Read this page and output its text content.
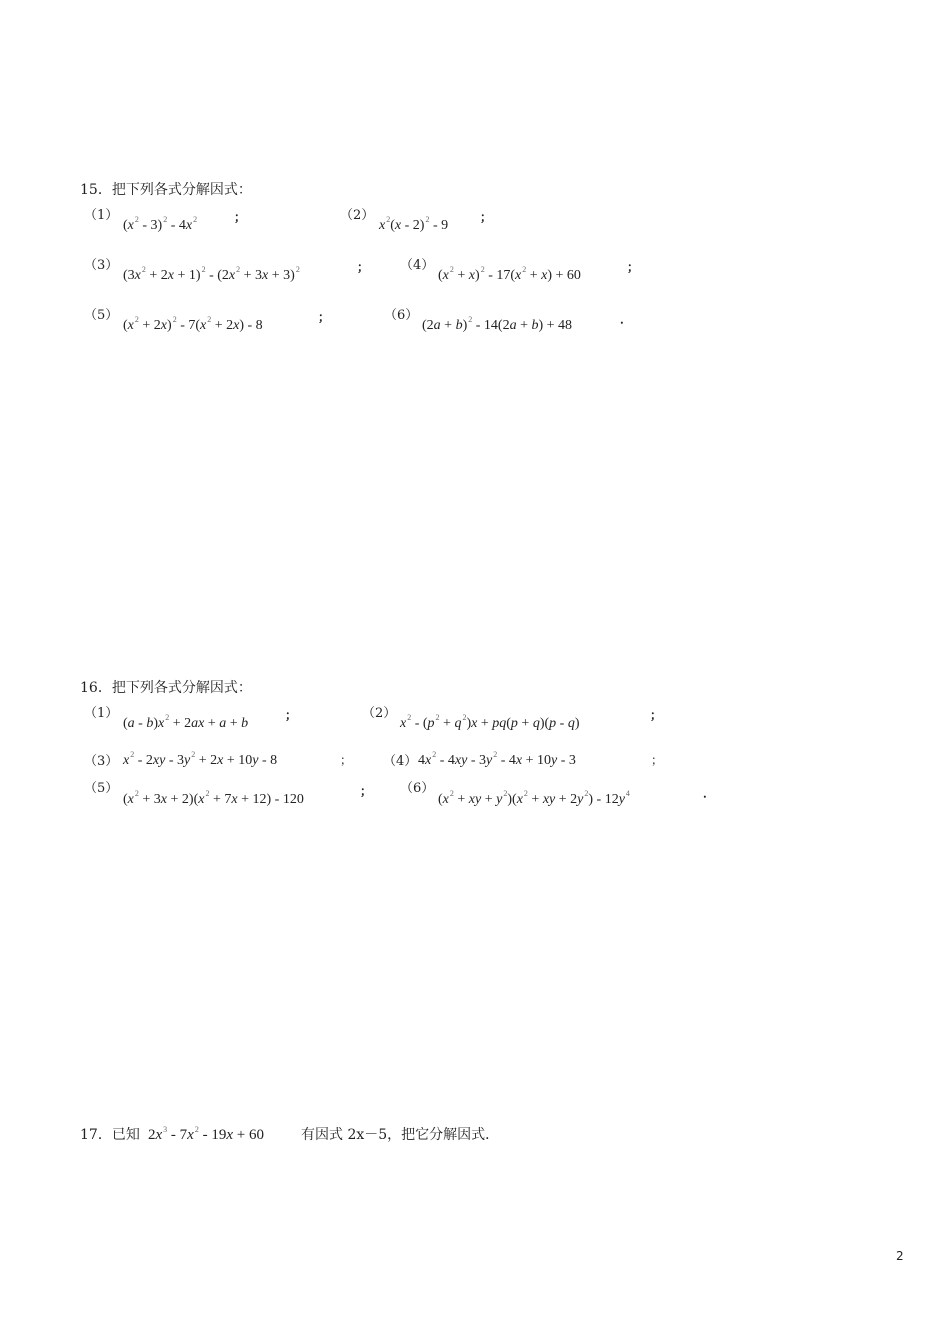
15．把下列各式分解因式：
（1）
$(x^2 - 3)^2 - 4x^2$	；	（2）
$x^2(x - 2)^2 - 9$
；
（3）
$(3x^2 + 2x + 1)^2 - (2x^2 + 3x + 3)^2$	； （4）
$(x^2 + x)^2 - 17(x^2 + x) + 60$
；
（5）
$(x^2 + 2x)^2 - 7(x^2 + 2x) - 8$
；	（6）
$(2a + b)^2 - 14(2a + b) + 48$	．
16．把下列各式分解因式：
（1）
$(a - b)x^2 + 2ax + a + b$
；	（2）
$x^2 - (p^2 + q^2)x + pq(p + q)(p - q)$
；
（3） $x^2 - 2xy - 3y^2 + 2x + 10y - 8$	； （4） $4x^2 - 4xy - 3y^2 - 4x + 10y - 3$	；
（5）
$(x^2 + 3x + 2)(x^2 + 7x + 12) - 120$
； （6）
($x^2$ + xy + $y^2)(x^2$ + xy + $2y^2) - 12y^4$	．
17．已知 $2x^3 - 7x^2 - 19x + 60$	有因式 2x－5，把它分解因式．
2
